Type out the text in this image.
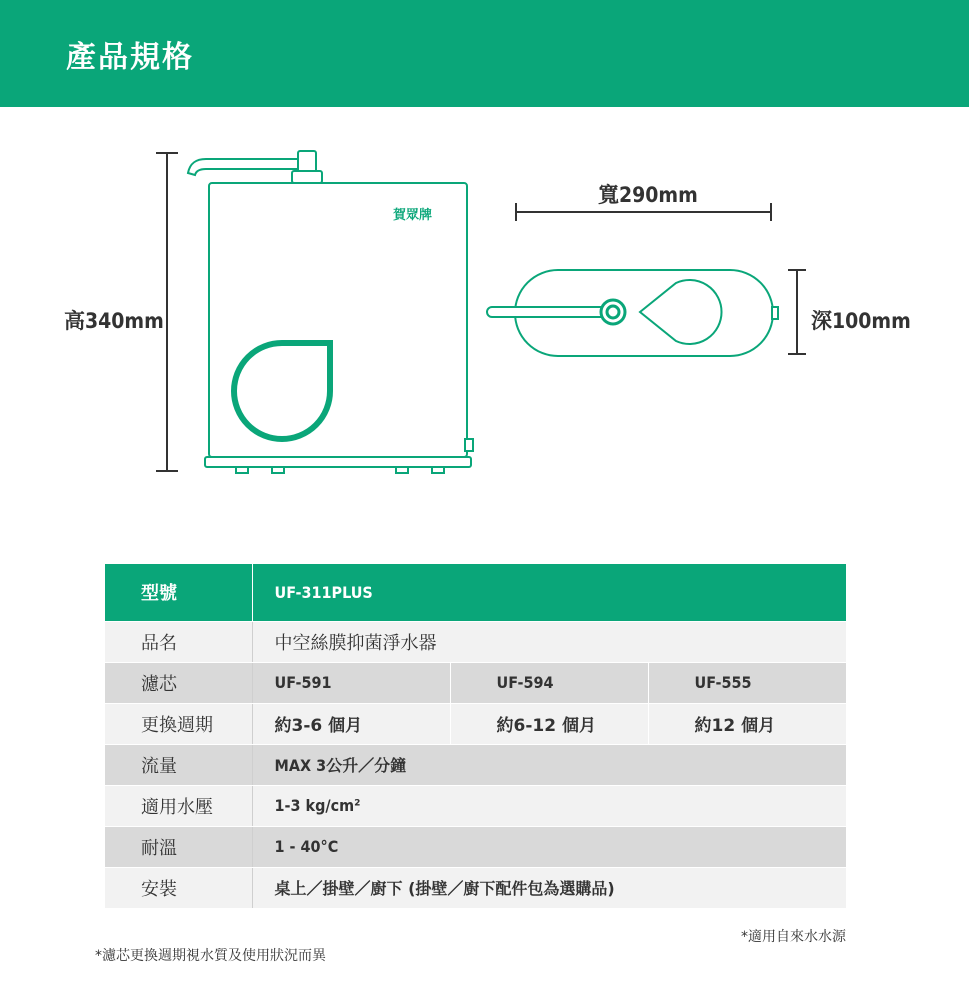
產品規格
賀眾牌
高340mm
寬290mm
深100mm
型號	UF-311PLUS		
品名	中空絲膜抑菌淨水器		
濾芯	UF-591	UF-594	UF-555
更換週期	約3-6 個月	約6-12 個月	約12 個月
流量	MAX 3公升／分鐘		
適用水壓	1-3 kg/cm²		
耐溫	1 - 40°C		
安裝	桌上／掛壁／廚下 (掛壁／廚下配件包為選購品)		
*適用自來水水源
*濾芯更換週期視水質及使用狀況而異
